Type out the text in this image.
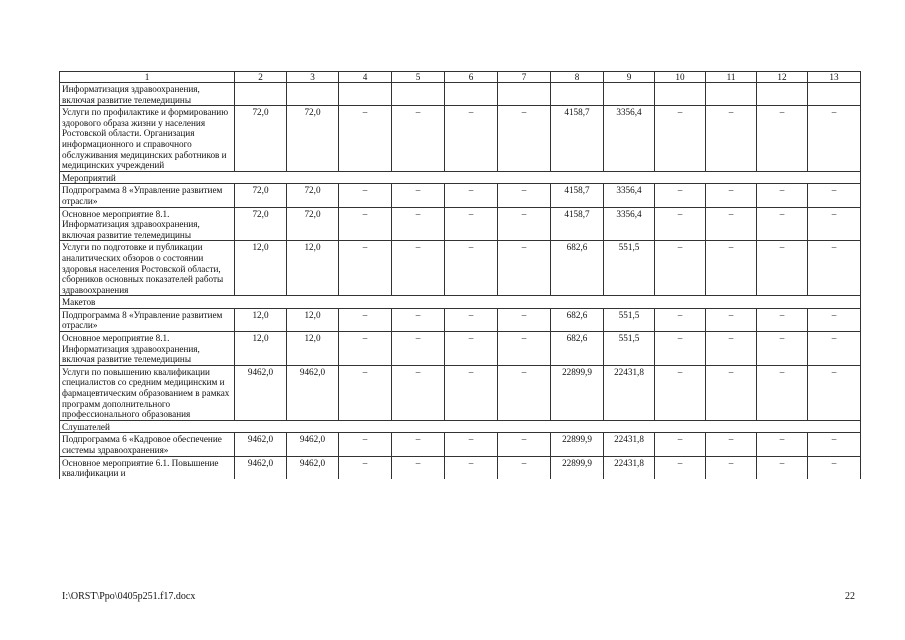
1	2	3	4	5	6	7	8	9	10	11	12	13
Информатизация здравоохранения, включая развитие телемедицины												
Услуги по профилактике и формированию здорового образа жизни у населения Ростовской области. Организация информационного и справочного обслуживания медицинских работников и медицинских учреждений	72,0	72,0	–	–	–	–	4158,7	3356,4	–	–	–	–
Мероприятий												
Подпрограмма 8 «Управление развитием отрасли»	72,0	72,0	–	–	–	–	4158,7	3356,4	–	–	–	–
Основное мероприятие 8.1. Информатизация здравоохранения, включая развитие телемедицины	72,0	72,0	–	–	–	–	4158,7	3356,4	–	–	–	–
Услуги по подготовке и публикации аналитических обзоров о состоянии здоровья населения Ростовской области, сборников основных показателей работы здравоохранения	12,0	12,0	–	–	–	–	682,6	551,5	–	–	–	–
Макетов												
Подпрограмма 8 «Управление развитием отрасли»	12,0	12,0	–	–	–	–	682,6	551,5	–	–	–	–
Основное мероприятие 8.1. Информатизация здравоохранения, включая развитие телемедицины	12,0	12,0	–	–	–	–	682,6	551,5	–	–	–	–
Услуги по повышению квалификации специалистов со средним медицинским и фармацевтическим образованием в рамках программ дополнительного профессионального образования	9462,0	9462,0	–	–	–	–	22899,9	22431,8	–	–	–	–
Слушателей												
Подпрограмма 6 «Кадровое обеспечение системы здравоохранения»	9462,0	9462,0	–	–	–	–	22899,9	22431,8	–	–	–	–
Основное мероприятие 6.1. Повышение квалификации и	9462,0	9462,0	–	–	–	–	22899,9	22431,8	–	–	–	–
I:\ORST\Ppo\0405p251.f17.docx	22
